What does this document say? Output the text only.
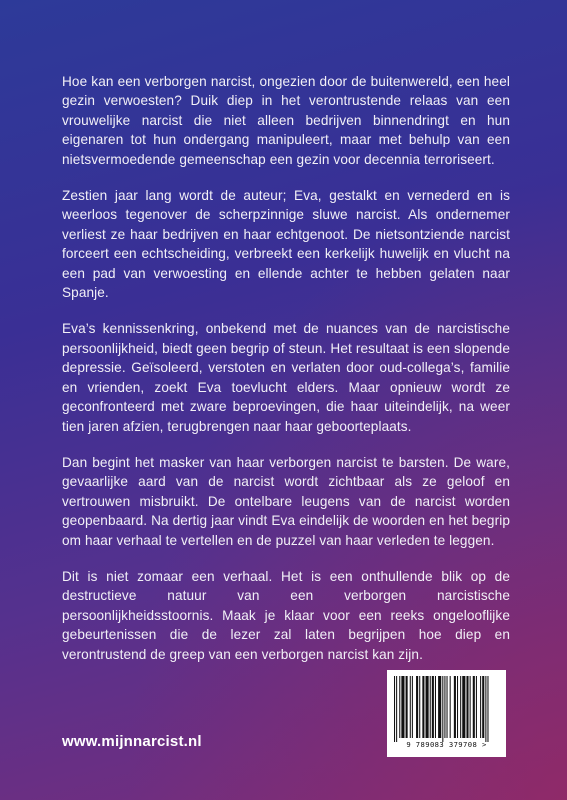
Hoe kan een verborgen narcist, ongezien door de buitenwereld, een heel gezin verwoesten? Duik diep in het verontrustende relaas van een vrouwelijke narcist die niet alleen bedrijven binnendringt en hun eigenaren tot hun ondergang manipuleert, maar met behulp van een nietsvermoedende gemeenschap een gezin voor decennia terroriseert.

Zestien jaar lang wordt de auteur; Eva, gestalkt en vernederd en is weerloos tegenover de scherpzinnige sluwe narcist. Als ondernemer verliest ze haar bedrijven en haar echtgenoot. De nietsontziende narcist forceert een echtscheiding, verbreekt een kerkelijk huwelijk en vlucht na een pad van verwoesting en ellende achter te hebben gelaten naar Spanje.

Eva’s kennissenkring, onbekend met de nuances van de narcistische persoonlijkheid, biedt geen begrip of steun. Het resultaat is een slopende depressie. Geïsoleerd, verstoten en verlaten door oud-collega’s, familie en vrienden, zoekt Eva toevlucht elders. Maar opnieuw wordt ze geconfronteerd met zware beproevingen, die haar uiteindelijk, na weer tien jaren afzien, terugbrengen naar haar geboorteplaats.

Dan begint het masker van haar verborgen narcist te barsten. De ware, gevaarlijke aard van de narcist wordt zichtbaar als ze geloof en vertrouwen misbruikt. De ontelbare leugens van de narcist worden geopenbaard. Na dertig jaar vindt Eva eindelijk de woorden en het begrip om haar verhaal te vertellen en de puzzel van haar verleden te leggen.

Dit is niet zomaar een verhaal. Het is een onthullende blik op de destructieve natuur van een verborgen narcistische persoonlijkheidsstoornis. Maak je klaar voor een reeks ongelooflijke gebeurtenissen die de lezer zal laten begrijpen hoe diep en verontrustend de greep van een verborgen narcist kan zijn.

www.mijnnarcist.nl	9 789083 379708 >
